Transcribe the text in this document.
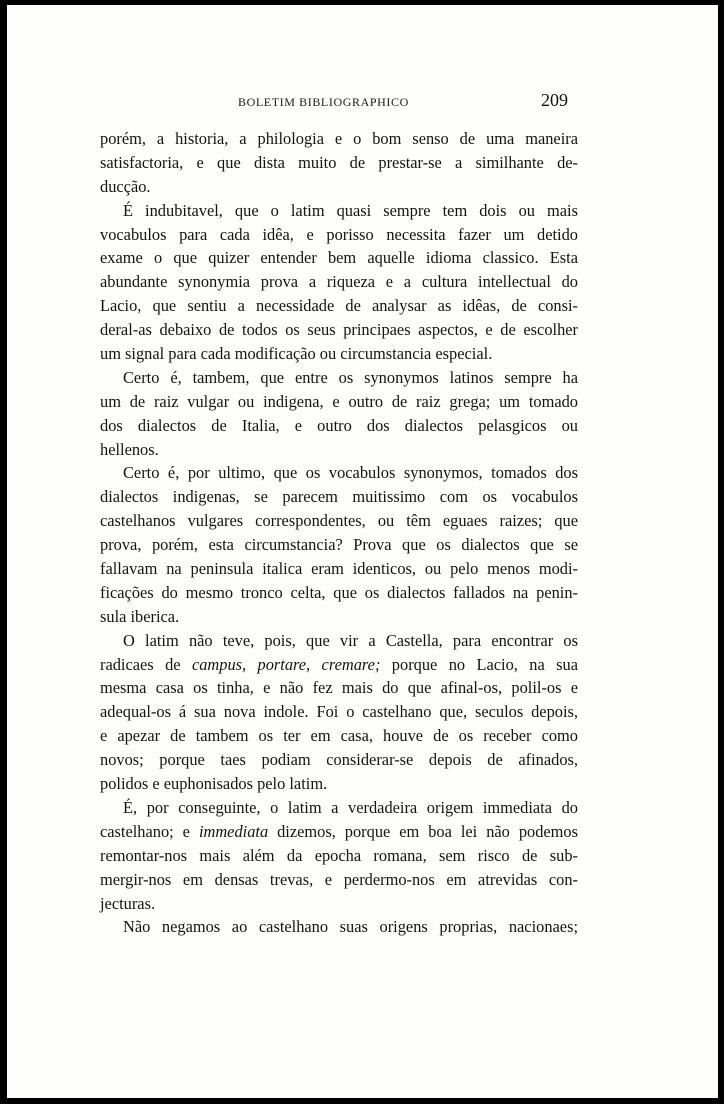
BOLETIM BIBLIOGRAPHICO	209
porém, a historia, a philologia e o bom senso de uma maneira
satisfactoria, e que dista muito de prestar-se a similhante de-
ducção.
É indubitavel, que o latim quasi sempre tem dois ou mais
vocabulos para cada idêa, e porisso necessita fazer um detido
exame o que quizer entender bem aquelle idioma classico. Esta
abundante synonymia prova a riqueza e a cultura intellectual do
Lacio, que sentiu a necessidade de analysar as idêas, de consi-
deral-as debaixo de todos os seus principaes aspectos, e de escolher
um signal para cada modificação ou circumstancia especial.
Certo é, tambem, que entre os synonymos latinos sempre ha
um de raiz vulgar ou indigena, e outro de raiz grega; um tomado
dos dialectos de Italia, e outro dos dialectos pelasgicos ou
hellenos.
Certo é, por ultimo, que os vocabulos synonymos, tomados dos
dialectos indigenas, se parecem muitissimo com os vocabulos
castelhanos vulgares correspondentes, ou têm eguaes raizes; que
prova, porém, esta circumstancia? Prova que os dialectos que se
fallavam na peninsula italica eram identicos, ou pelo menos modi-
ficações do mesmo tronco celta, que os dialectos fallados na penin-
sula iberica.
O latim não teve, pois, que vir a Castella, para encontrar os
radicaes de campus, portare, cremare; porque no Lacio, na sua
mesma casa os tinha, e não fez mais do que afinal-os, polil-os e
adequal-os á sua nova indole. Foi o castelhano que, seculos depois,
e apezar de tambem os ter em casa, houve de os receber como
novos; porque taes podiam considerar-se depois de afinados,
polidos e euphonisados pelo latim.
É, por conseguinte, o latim a verdadeira origem immediata do
castelhano; e immediata dizemos, porque em boa lei não podemos
remontar-nos mais além da epocha romana, sem risco de sub-
mergir-nos em densas trevas, e perdermo-nos em atrevidas con-
jecturas.
Não negamos ao castelhano suas origens proprias, nacionaes;
